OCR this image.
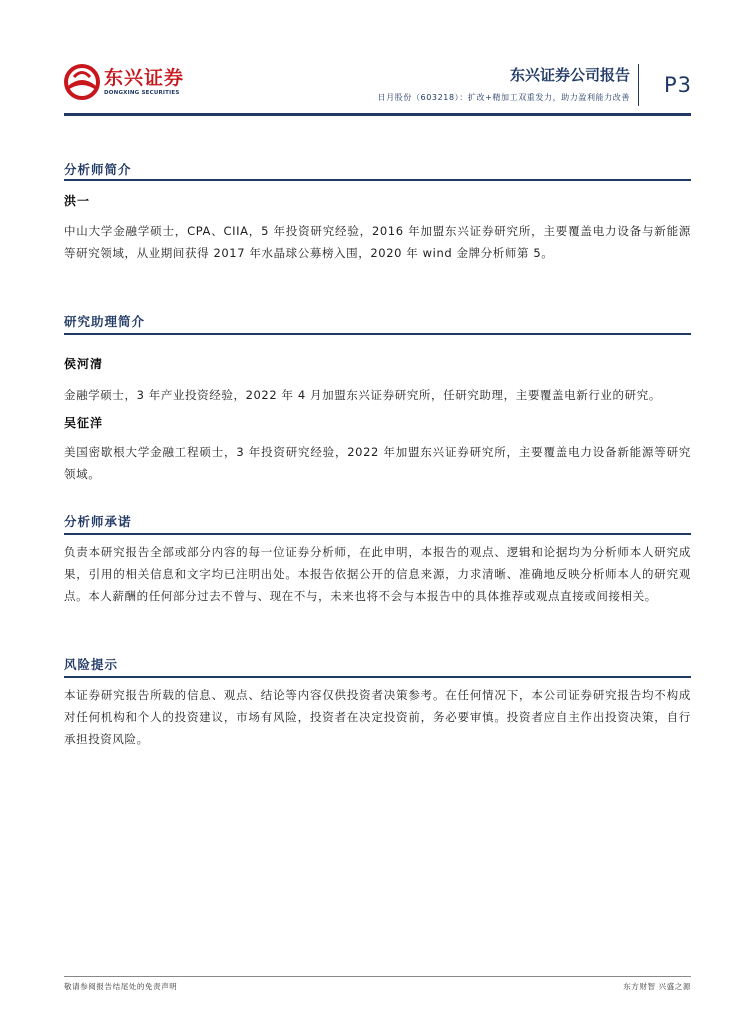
东兴证券
DONGXING SECURITIES
东兴证券公司报告
日月股份（603218）：扩改+精加工双重发力，助力盈利能力改善
P3
分析师简介
洪一
中山大学金融学硕士，CPA、CIIA，5 年投资研究经验，2016 年加盟东兴证券研究所，主要覆盖电力设备与新能源等研究领域，从业期间获得 2017 年水晶球公募榜入围，2020 年 wind 金牌分析师第 5。
研究助理简介
侯河清
金融学硕士，3 年产业投资经验，2022 年 4 月加盟东兴证券研究所，任研究助理，主要覆盖电新行业的研究。
吴征洋
美国密歇根大学金融工程硕士，3 年投资研究经验，2022 年加盟东兴证券研究所，主要覆盖电力设备新能源等研究领域。
分析师承诺
负责本研究报告全部或部分内容的每一位证券分析师，在此申明，本报告的观点、逻辑和论据均为分析师本人研究成果，引用的相关信息和文字均已注明出处。本报告依据公开的信息来源，力求清晰、准确地反映分析师本人的研究观点。本人薪酬的任何部分过去不曾与、现在不与，未来也将不会与本报告中的具体推荐或观点直接或间接相关。
风险提示
本证券研究报告所载的信息、观点、结论等内容仅供投资者决策参考。在任何情况下，本公司证券研究报告均不构成对任何机构和个人的投资建议，市场有风险，投资者在决定投资前，务必要审慎。投资者应自主作出投资决策，自行承担投资风险。
敬请参阅报告结尾处的免责声明	东方财智 兴盛之源
